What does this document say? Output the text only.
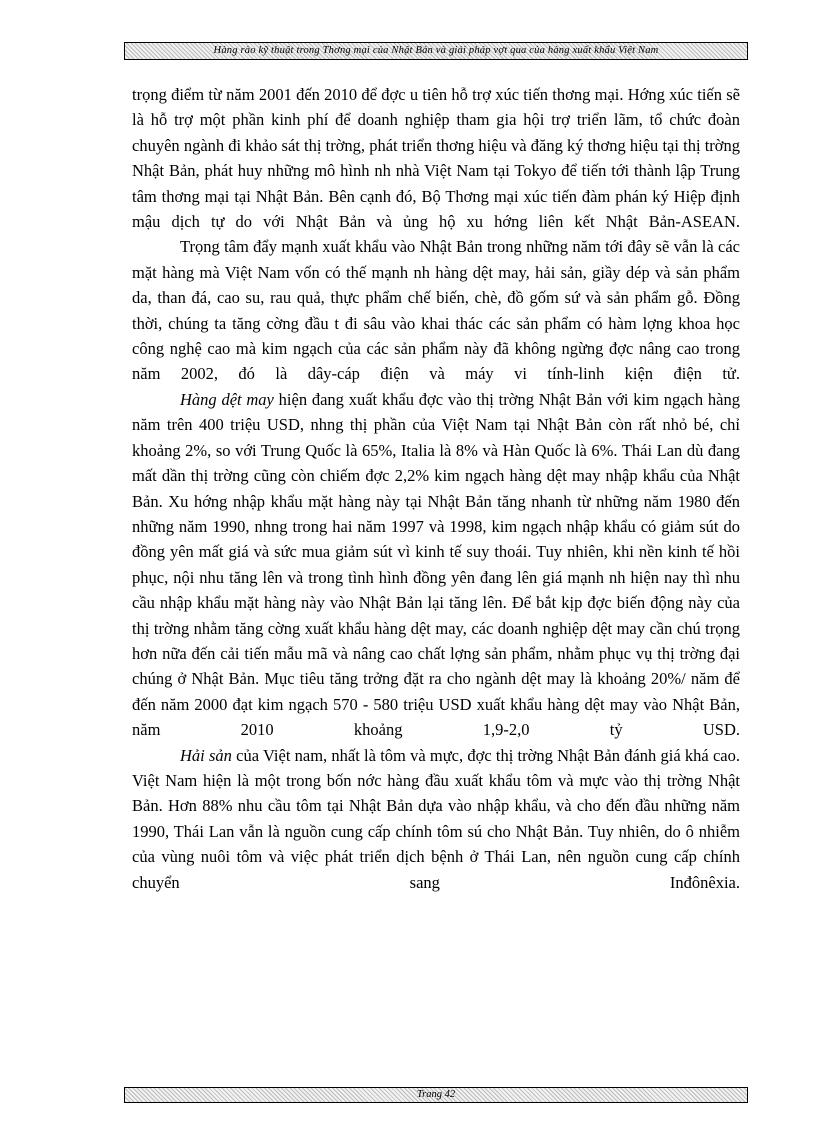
Hàng rào kỹ thuật trong Thơng mại của Nhật Bản và giải pháp vợt qua của hàng xuất khẩu Việt Nam

trọng điểm từ năm 2001 đến 2010 để đợc u tiên hỗ trợ xúc tiến thơng mại. Hớng xúc tiến sẽ là hỗ trợ một phần kinh phí để doanh nghiệp tham gia hội trợ triển lãm, tổ chức đoàn chuyên ngành đi khảo sát thị trờng, phát triển thơng hiệu và đăng ký thơng hiệu tại thị trờng Nhật Bản, phát huy những mô hình nh nhà Việt Nam tại Tokyo để tiến tới thành lập Trung tâm thơng mại tại Nhật Bản. Bên cạnh đó, Bộ Thơng mại xúc tiến đàm phán ký Hiệp định mậu dịch tự do với Nhật Bản và ủng hộ xu hớng liên kết Nhật Bản-ASEAN.

Trọng tâm đẩy mạnh xuất khẩu vào Nhật Bản trong những năm tới đây sẽ vẫn là các mặt hàng mà Việt Nam vốn có thế mạnh nh hàng dệt may, hải sản, giầy dép và sản phẩm da, than đá, cao su, rau quả, thực phẩm chế biến, chè, đồ gốm sứ và sản phẩm gỗ. Đồng thời, chúng ta tăng cờng đầu t đi sâu vào khai thác các sản phẩm có hàm lợng khoa học công nghệ cao mà kim ngạch của các sản phẩm này đã không ngừng đợc nâng cao trong năm 2002, đó là dây-cáp điện và máy vi tính-linh kiện điện tử.

Hàng dệt may hiện đang xuất khẩu đợc vào thị trờng Nhật Bản với kim ngạch hàng năm trên 400 triệu USD, nhng thị phần của Việt Nam tại Nhật Bản còn rất nhỏ bé, chỉ khoảng 2%, so với Trung Quốc là 65%, Italia là 8% và Hàn Quốc là 6%. Thái Lan dù đang mất dần thị trờng cũng còn chiếm đợc 2,2% kim ngạch hàng dệt may nhập khẩu của Nhật Bản. Xu hớng nhập khẩu mặt hàng này tại Nhật Bản tăng nhanh từ những năm 1980 đến những năm 1990, nhng trong hai năm 1997 và 1998, kim ngạch nhập khẩu có giảm sút do đồng yên mất giá và sức mua giảm sút vì kinh tế suy thoái. Tuy nhiên, khi nền kinh tế hồi phục, nội nhu tăng lên và trong tình hình đồng yên đang lên giá mạnh nh hiện nay thì nhu cầu nhập khẩu mặt hàng này vào Nhật Bản lại tăng lên. Để bắt kịp đợc biến động này của thị trờng nhằm tăng cờng xuất khẩu hàng dệt may, các doanh nghiệp dệt may cần chú trọng hơn nữa đến cải tiến mẫu mã và nâng cao chất lợng sản phẩm, nhằm phục vụ thị trờng đại chúng ở Nhật Bản. Mục tiêu tăng trởng đặt ra cho ngành dệt may là khoảng 20%/ năm để đến năm 2000 đạt kim ngạch 570 - 580 triệu USD xuất khẩu hàng dệt may vào Nhật Bản, năm 2010 khoảng 1,9-2,0 tỷ USD.

Hải sản của Việt nam, nhất là tôm và mực, đợc thị trờng Nhật Bản đánh giá khá cao. Việt Nam hiện là một trong bốn nớc hàng đầu xuất khẩu tôm và mực vào thị trờng Nhật Bản. Hơn 88% nhu cầu tôm tại Nhật Bản dựa vào nhập khẩu, và cho đến đầu những năm 1990, Thái Lan vẫn là nguồn cung cấp chính tôm sú cho Nhật Bản. Tuy nhiên, do ô nhiễm của vùng nuôi tôm và việc phát triển dịch bệnh ở Thái Lan, nên nguồn cung cấp chính chuyển sang Inđônêxia.

Trang 42
